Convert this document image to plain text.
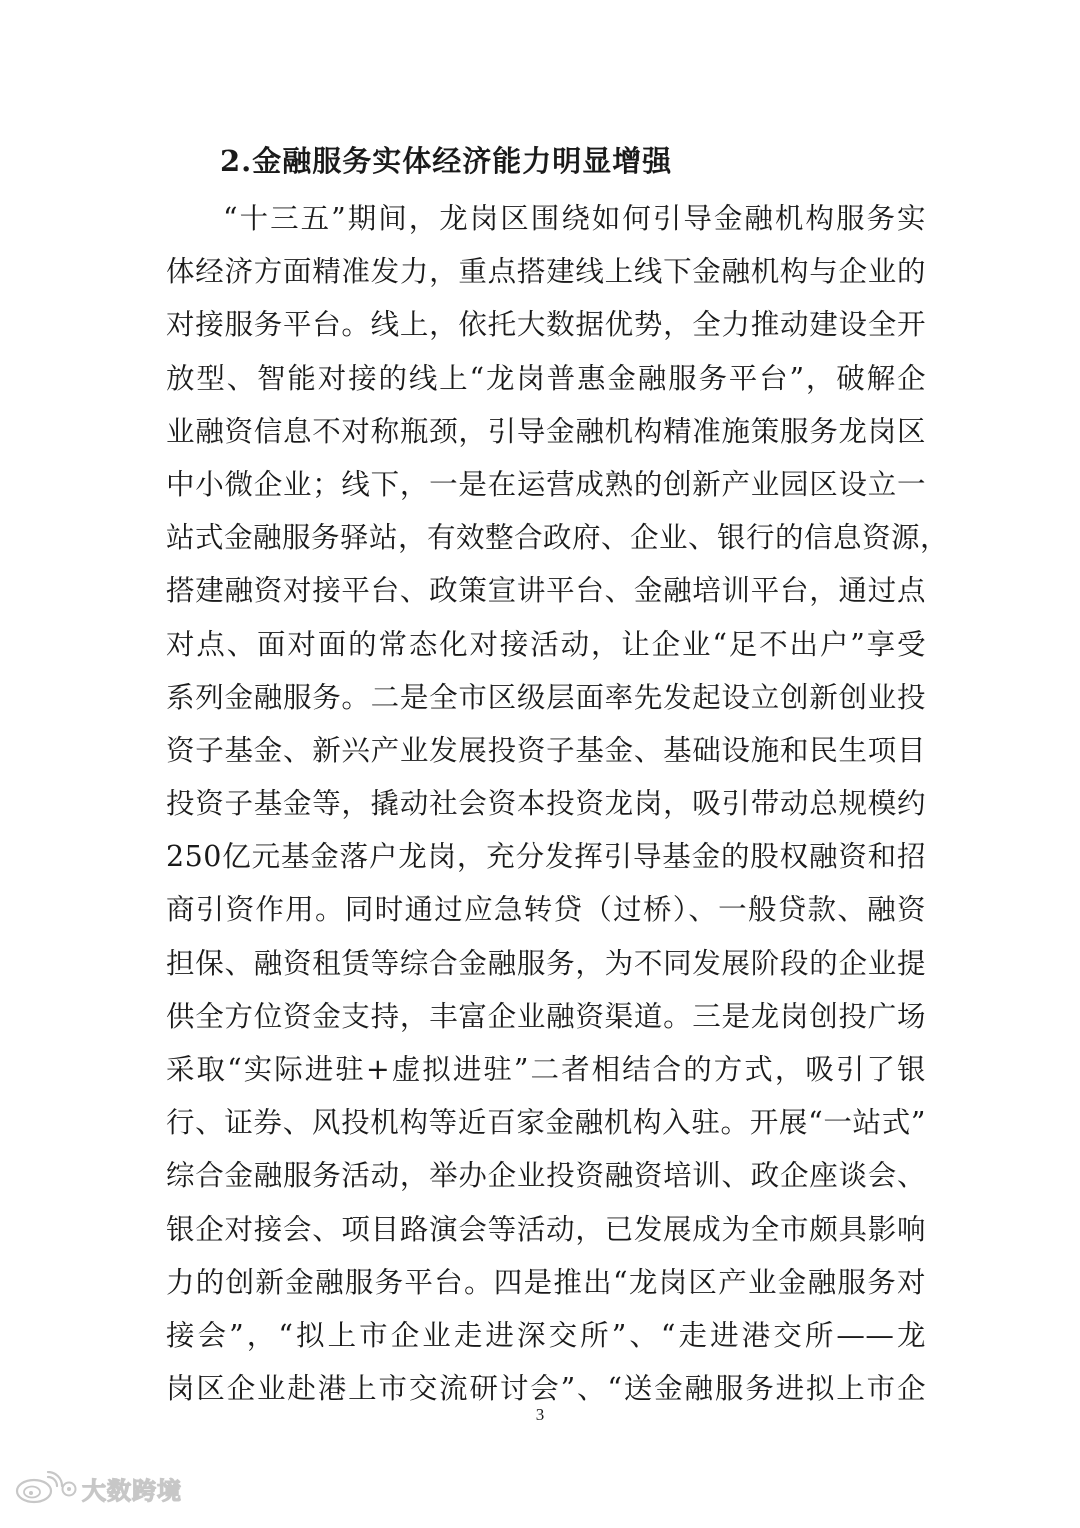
2.金融服务实体经济能力明显增强
“十三五”期间，龙岗区围绕如何引导金融机构服务实
体经济方面精准发力，重点搭建线上线下金融机构与企业的
对接服务平台。线上，依托大数据优势，全力推动建设全开
放型、智能对接的线上“龙岗普惠金融服务平台”，破解企
业融资信息不对称瓶颈，引导金融机构精准施策服务龙岗区
中小微企业；线下，一是在运营成熟的创新产业园区设立一
站式金融服务驿站，有效整合政府、企业、银行的信息资源，
搭建融资对接平台、政策宣讲平台、金融培训平台，通过点
对点、面对面的常态化对接活动，让企业“足不出户”享受
系列金融服务。二是全市区级层面率先发起设立创新创业投
资子基金、新兴产业发展投资子基金、基础设施和民生项目
投资子基金等，撬动社会资本投资龙岗，吸引带动总规模约
250亿元基金落户龙岗，充分发挥引导基金的股权融资和招
商引资作用。同时通过应急转贷（过桥）、一般贷款、融资
担保、融资租赁等综合金融服务，为不同发展阶段的企业提
供全方位资金支持，丰富企业融资渠道。三是龙岗创投广场
采取“实际进驻+虚拟进驻”二者相结合的方式，吸引了银
行、证券、风投机构等近百家金融机构入驻。开展“一站式”
综合金融服务活动，举办企业投资融资培训、政企座谈会、
银企对接会、项目路演会等活动，已发展成为全市颇具影响
力的创新金融服务平台。四是推出“龙岗区产业金融服务对
接会”，“拟上市企业走进深交所”、“走进港交所——龙
岗区企业赴港上市交流研讨会”、“送金融服务进拟上市企
3
大数跨境
